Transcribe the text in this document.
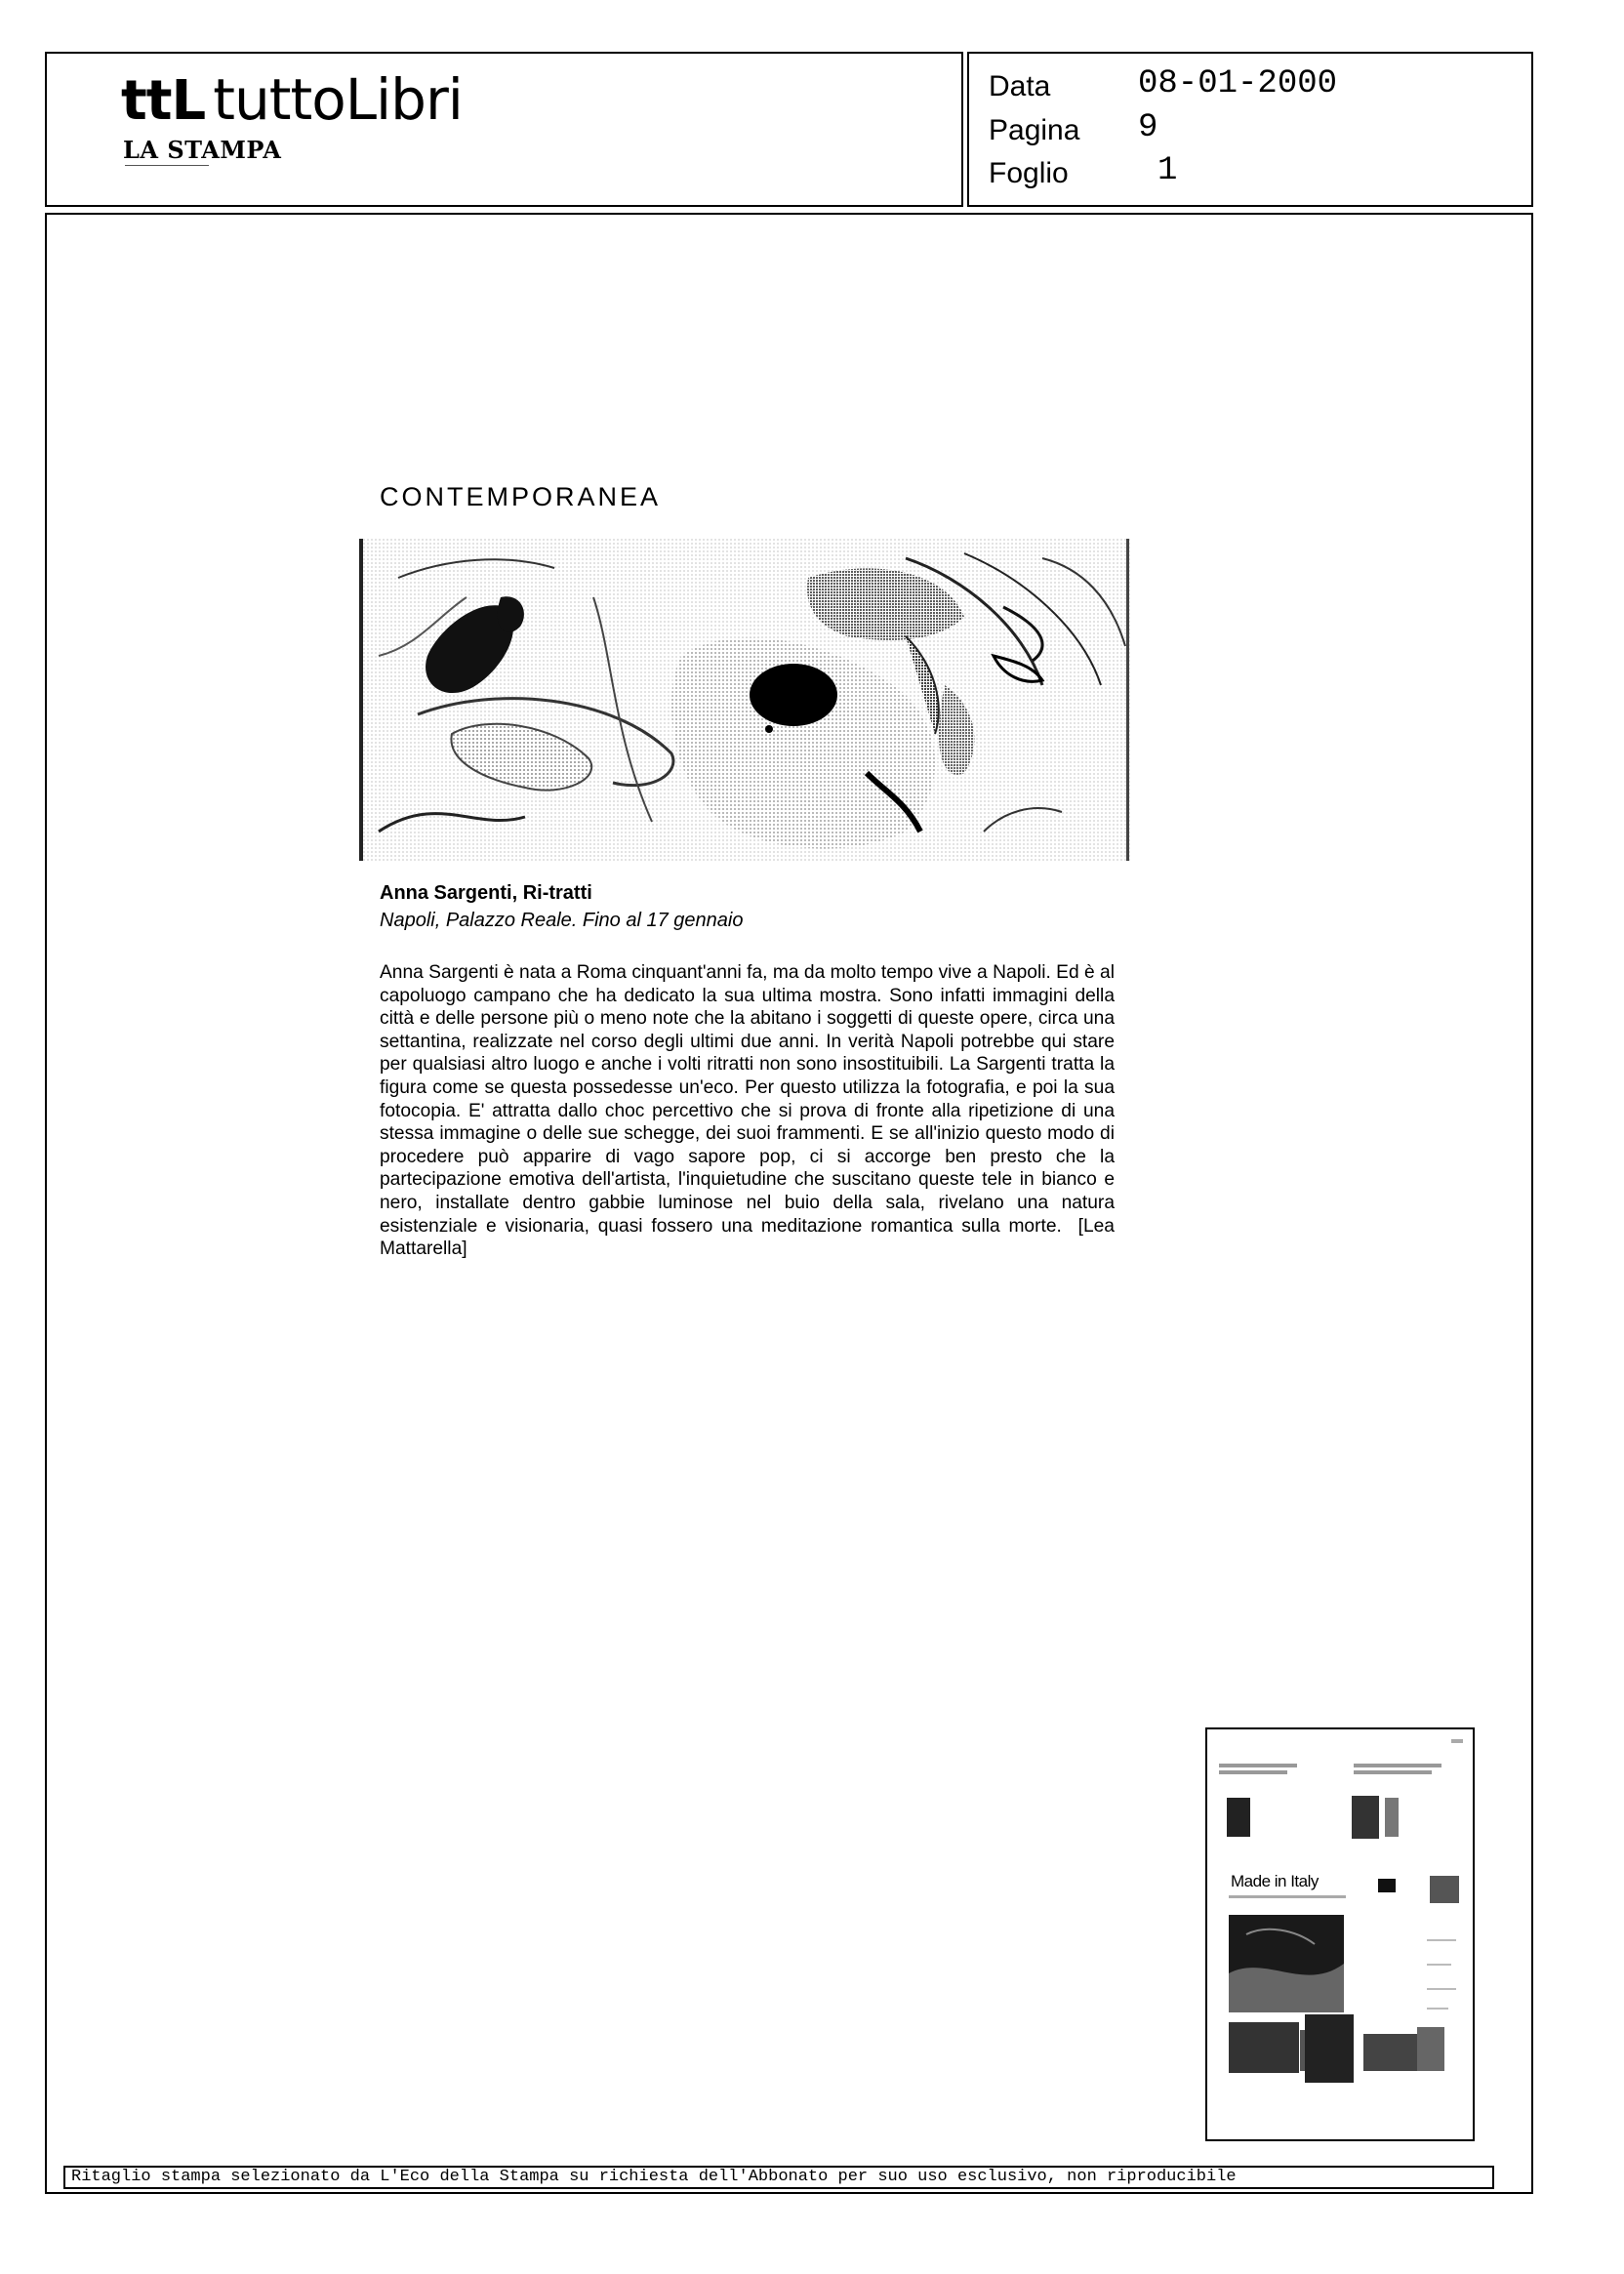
ttL tuttoLibri
LA STAMPA
Data	08-01-2000
Pagina 9
Foglio	1
CONTEMPORANEA
Anna Sargenti, Ri-tratti
Napoli, Palazzo Reale. Fino al 17 gennaio
Anna Sargenti è nata a Roma cinquant'anni fa, ma da molto tempo vive a Napoli. Ed è al capoluogo campano che ha dedicato la sua ultima mostra. Sono infatti immagini della città e delle persone più o meno note che la abitano i soggetti di queste opere, circa una settantina, realizzate nel corso degli ultimi due anni. In verità Napoli potrebbe qui stare per qualsiasi altro luogo e anche i volti ritratti non sono insostituibili. La Sargenti tratta la figura come se questa possedesse un'eco. Per questo utilizza la fotografia, e poi la sua fotocopia. E' attratta dallo choc percettivo che si prova di fronte alla ripetizione di una stessa immagine o delle sue schegge, dei suoi frammenti. E se all'inizio questo modo di procedere può apparire di vago sapore pop, ci si accorge ben presto che la partecipazione emotiva dell'artista, l'inquietudine che suscitano queste tele in bianco e nero, installate dentro gabbie luminose nel buio della sala, rivelano una natura esistenziale e visionaria, quasi fossero una meditazione romantica sulla morte. [Lea Mattarella]
Made in Italy
Ritaglio stampa selezionato da L'Eco della Stampa su richiesta dell'Abbonato per suo uso esclusivo, non riproducibile
